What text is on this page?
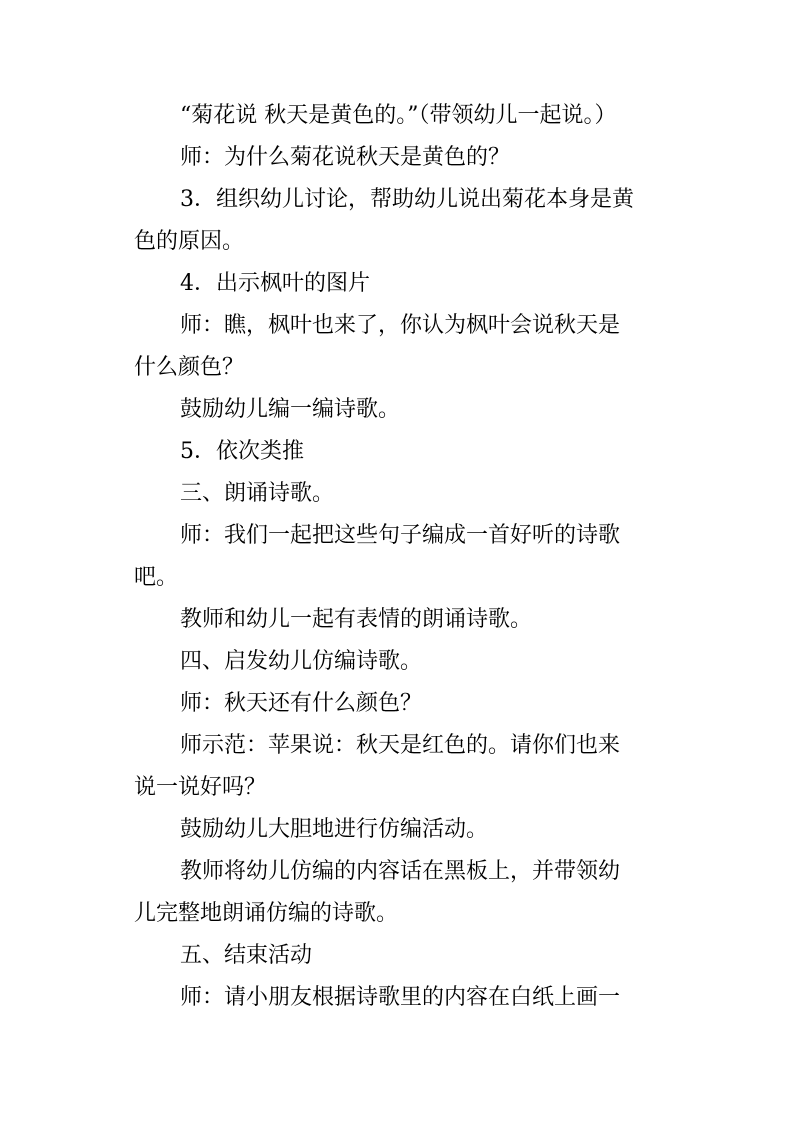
“菊花说 秋天是黄色的。”（带领幼儿一起说。）
师：为什么菊花说秋天是黄色的？
3．组织幼儿讨论，帮助幼儿说出菊花本身是黄
色的原因。
4．出示枫叶的图片
师：瞧，枫叶也来了，你认为枫叶会说秋天是
什么颜色？
鼓励幼儿编一编诗歌。
5．依次类推
三、朗诵诗歌。
师：我们一起把这些句子编成一首好听的诗歌
吧。
教师和幼儿一起有表情的朗诵诗歌。
四、启发幼儿仿编诗歌。
师：秋天还有什么颜色？
师示范：苹果说：秋天是红色的。请你们也来
说一说好吗？
鼓励幼儿大胆地进行仿编活动。
教师将幼儿仿编的内容话在黑板上，并带领幼
儿完整地朗诵仿编的诗歌。
五、结束活动
师：请小朋友根据诗歌里的内容在白纸上画一
